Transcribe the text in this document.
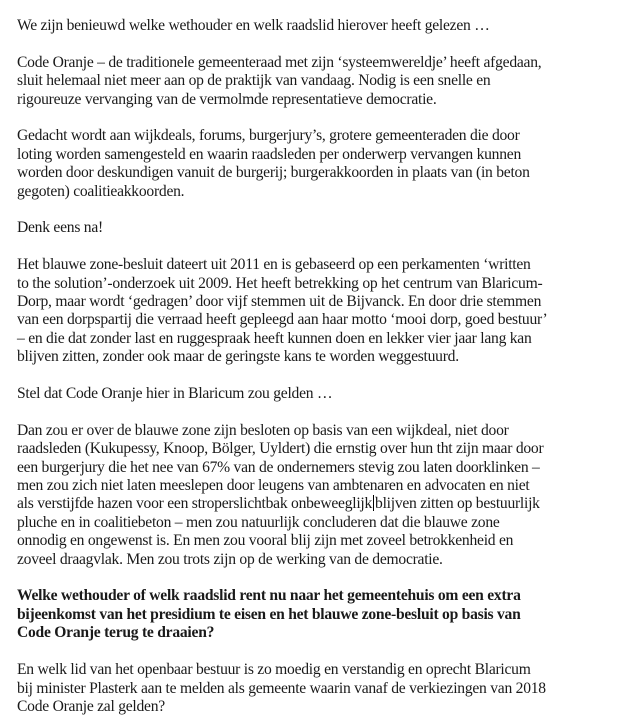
We zijn benieuwd welke wethouder en welk raadslid hierover heeft gelezen …

Code Oranje – de traditionele gemeenteraad met zijn ‘systeemwereldje’ heeft afgedaan,
sluit helemaal niet meer aan op de praktijk van vandaag. Nodig is een snelle en
rigoureuze vervanging van de vermolmde representatieve democratie.

Gedacht wordt aan wijkdeals, forums, burgerjury’s, grotere gemeenteraden die door
loting worden samengesteld en waarin raadsleden per onderwerp vervangen kunnen
worden door deskundigen vanuit de burgerij; burgerakkoorden in plaats van (in beton
gegoten) coalitieakkoorden.

Denk eens na!

Het blauwe zone-besluit dateert uit 2011 en is gebaseerd op een perkamenten ‘written
to the solution’-onderzoek uit 2009. Het heeft betrekking op het centrum van Blaricum-
Dorp, maar wordt ‘gedragen’ door vijf stemmen uit de Bijvanck. En door drie stemmen
van een dorpspartij die verraad heeft gepleegd aan haar motto ‘mooi dorp, goed bestuur’
– en die dat zonder last en ruggespraak heeft kunnen doen en lekker vier jaar lang kan
blijven zitten, zonder ook maar de geringste kans te worden weggestuurd.

Stel dat Code Oranje hier in Blaricum zou gelden …

Dan zou er over de blauwe zone zijn besloten op basis van een wijkdeal, niet door
raadsleden (Kukupessy, Knoop, Bölger, Uyldert) die ernstig over hun tht zijn maar door
een burgerjury die het nee van 67% van de ondernemers stevig zou laten doorklinken –
men zou zich niet laten meeslepen door leugens van ambtenaren en advocaten en niet
als verstijfde hazen voor een stroperslichtbak onbeweeglijk blijven zitten op bestuurlijk
pluche en in coalitiebeton – men zou natuurlijk concluderen dat die blauwe zone
onnodig en ongewenst is. En men zou vooral blij zijn met zoveel betrokkenheid en
zoveel draagvlak. Men zou trots zijn op de werking van de democratie.

Welke wethouder of welk raadslid rent nu naar het gemeentehuis om een extra
bijeenkomst van het presidium te eisen en het blauwe zone-besluit op basis van
Code Oranje terug te draaien?

En welk lid van het openbaar bestuur is zo moedig en verstandig en oprecht Blaricum
bij minister Plasterk aan te melden als gemeente waarin vanaf de verkiezingen van 2018
Code Oranje zal gelden?
